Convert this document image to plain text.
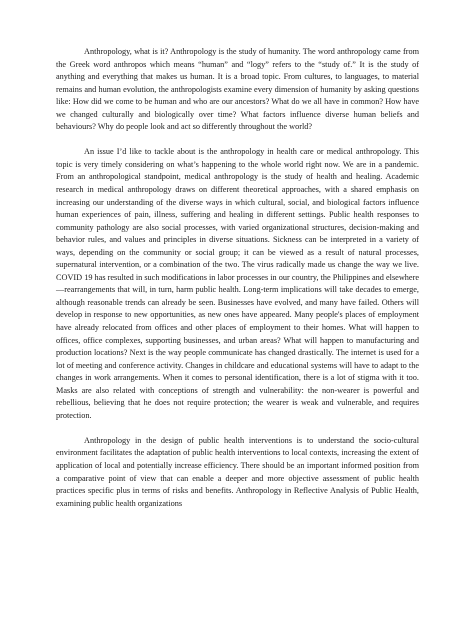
Anthropology, what is it? Anthropology is the study of humanity. The word anthropology came from the Greek word anthropos which means “human” and “logy” refers to the “study of.” It is the study of anything and everything that makes us human. It is a broad topic. From cultures, to languages, to material remains and human evolution, the anthropologists examine every dimension of humanity by asking questions like: How did we come to be human and who are our ancestors? What do we all have in common? How have we changed culturally and biologically over time? What factors influence diverse human beliefs and behaviours? Why do people look and act so differently throughout the world?

An issue I’d like to tackle about is the anthropology in health care or medical anthropology. This topic is very timely considering on what’s happening to the whole world right now. We are in a pandemic. From an anthropological standpoint, medical anthropology is the study of health and healing. Academic research in medical anthropology draws on different theoretical approaches, with a shared emphasis on increasing our understanding of the diverse ways in which cultural, social, and biological factors influence human experiences of pain, illness, suffering and healing in different settings. Public health responses to community pathology are also social processes, with varied organizational structures, decision-making and behavior rules, and values and principles in diverse situations. Sickness can be interpreted in a variety of ways, depending on the community or social group; it can be viewed as a result of natural processes, supernatural intervention, or a combination of the two. The virus radically made us change the way we live. COVID 19 has resulted in such modifications in labor processes in our country, the Philippines and elsewhere—rearrangements that will, in turn, harm public health. Long-term implications will take decades to emerge, although reasonable trends can already be seen. Businesses have evolved, and many have failed. Others will develop in response to new opportunities, as new ones have appeared. Many people's places of employment have already relocated from offices and other places of employment to their homes. What will happen to offices, office complexes, supporting businesses, and urban areas? What will happen to manufacturing and production locations? Next is the way people communicate has changed drastically. The internet is used for a lot of meeting and conference activity. Changes in childcare and educational systems will have to adapt to the changes in work arrangements. When it comes to personal identification, there is a lot of stigma with it too. Masks are also related with conceptions of strength and vulnerability: the non-wearer is powerful and rebellious, believing that he does not require protection; the wearer is weak and vulnerable, and requires protection.

Anthropology in the design of public health interventions is to understand the socio-cultural environment facilitates the adaptation of public health interventions to local contexts, increasing the extent of application of local and potentially increase efficiency. There should be an important informed position from a comparative point of view that can enable a deeper and more objective assessment of public health practices specific plus in terms of risks and benefits. Anthropology in Reflective Analysis of Public Health, examining public health organizations
